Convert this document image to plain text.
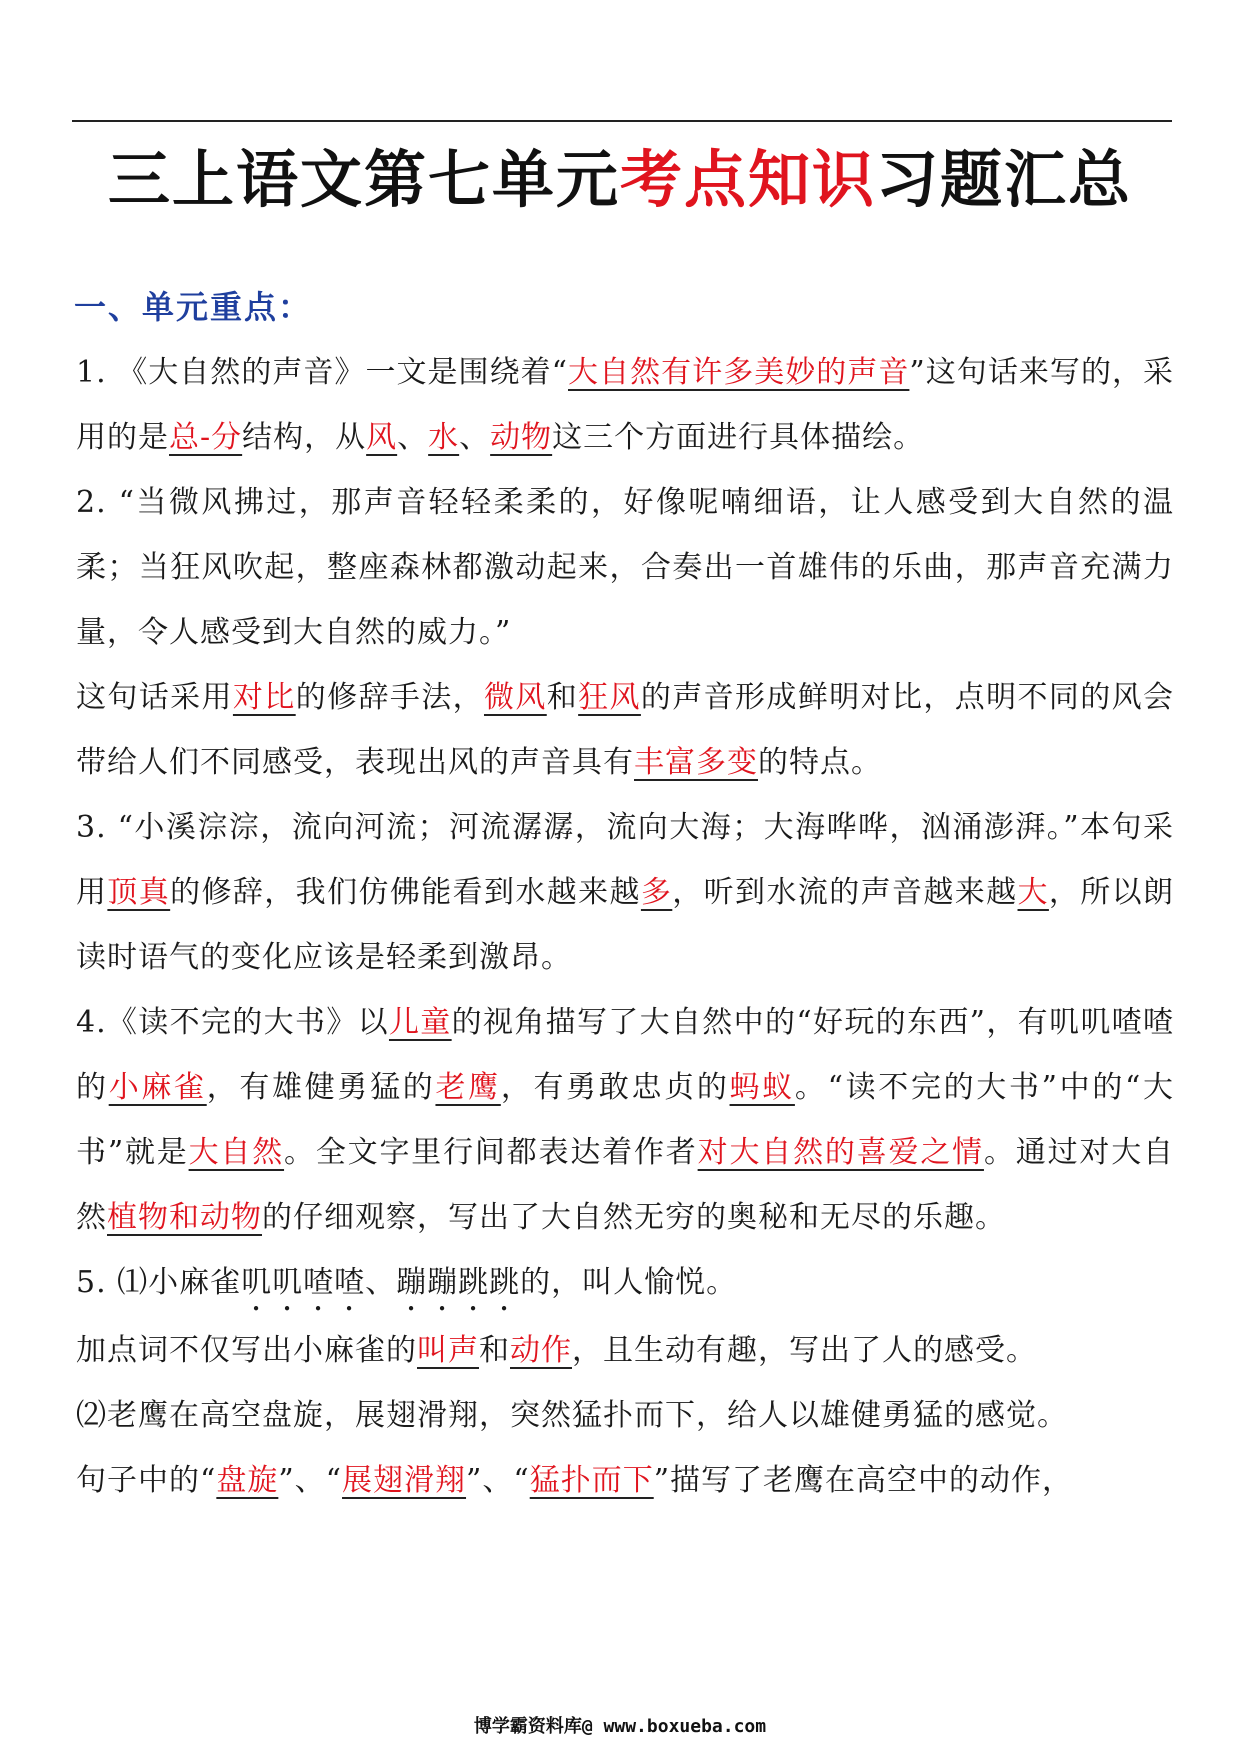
三上语文第七单元考点知识习题汇总
一、单元重点：

1. 《大自然的声音》一文是围绕着“大自然有许多美妙的声音”这句话来写的，采用的是总-分结构，从风、水、动物这三个方面进行具体描绘。

2. “当微风拂过，那声音轻轻柔柔的，好像呢喃细语，让人感受到大自然的温柔；当狂风吹起，整座森林都激动起来，合奏出一首雄伟的乐曲，那声音充满力量，令人感受到大自然的威力。”

这句话采用对比的修辞手法，微风和狂风的声音形成鲜明对比，点明不同的风会带给人们不同感受，表现出风的声音具有丰富多变的特点。

3. “小溪淙淙，流向河流；河流潺潺，流向大海；大海哗哗，汹涌澎湃。”本句采用顶真的修辞，我们仿佛能看到水越来越多，听到水流的声音越来越大，所以朗读时语气的变化应该是轻柔到激昂。

4.《读不完的大书》以儿童的视角描写了大自然中的“好玩的东西”，有叽叽喳喳的小麻雀，有雄健勇猛的老鹰，有勇敢忠贞的蚂蚁。“读不完的大书”中的“大书”就是大自然。全文字里行间都表达着作者对大自然的喜爱之情。通过对大自然植物和动物的仔细观察，写出了大自然无穷的奥秘和无尽的乐趣。

5. ⑴小麻雀叽叽喳喳、蹦蹦跳跳的，叫人愉悦。

加点词不仅写出小麻雀的叫声和动作，且生动有趣，写出了人的感受。

⑵老鹰在高空盘旋，展翅滑翔，突然猛扑而下，给人以雄健勇猛的感觉。

句子中的“盘旋”、“展翅滑翔”、“猛扑而下”描写了老鹰在高空中的动作，

博学霸资料库@ www.boxueba.com
